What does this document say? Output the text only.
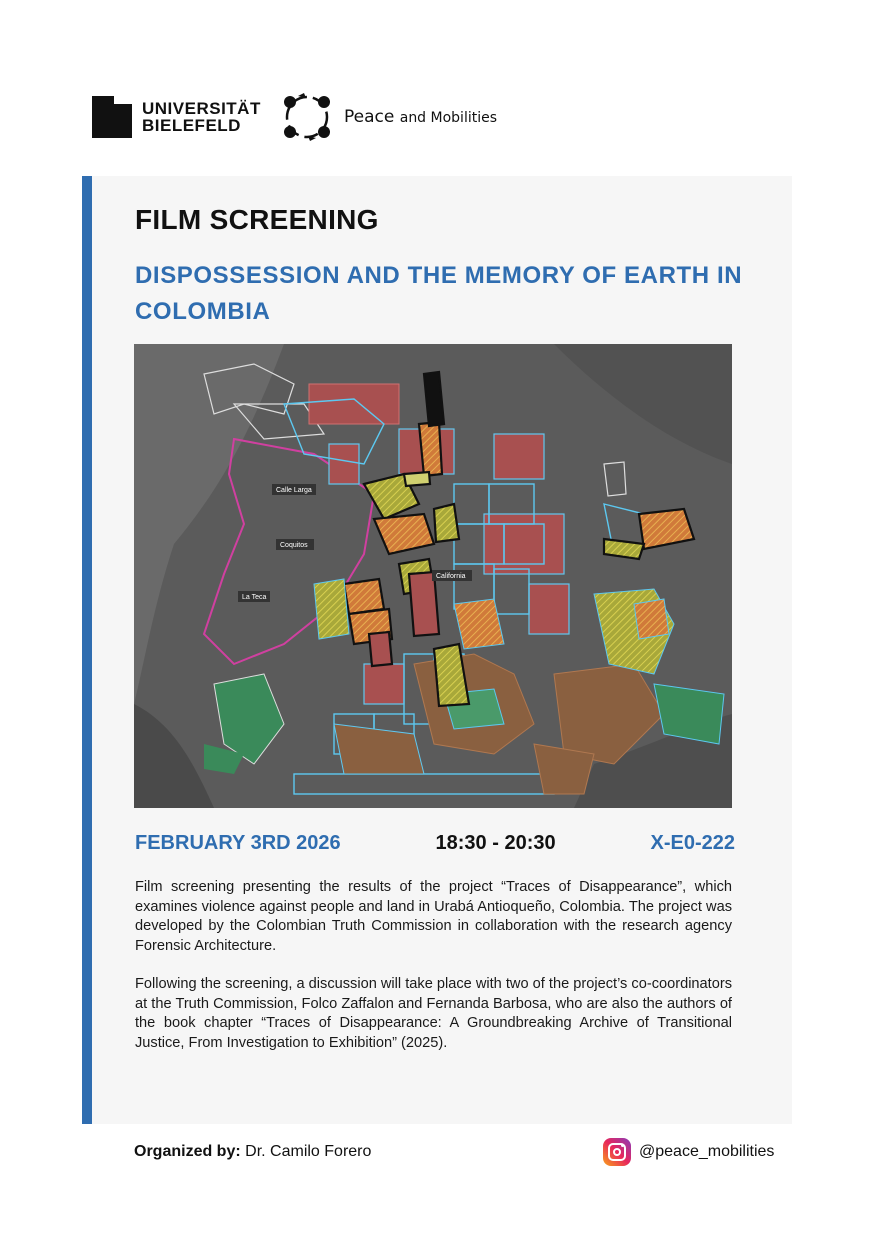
UNIVERSITÄT
BIELEFELD	Peace and Mobilities
FILM SCREENING
DISPOSSESSION AND THE MEMORY OF EARTH IN COLOMBIA
Calle Larga
Coquitos
La Teca
California
FEBRUARY 3RD 2026	18:30 - 20:30	X-E0-222

Film screening presenting the results of the project “Traces of Disappearance”, which examines violence against people and land in Urabá Antioqueño, Colombia. The project was developed by the Colombian Truth Commission in collaboration with the research agency Forensic Architecture.

Following the screening, a discussion will take place with two of the project’s co-coordinators at the Truth Commission, Folco Zaffalon and Fernanda Barbosa, who are also the authors of the book chapter “Traces of Disappearance: A Groundbreaking Archive of Transitional Justice, From Investigation to Exhibition” (2025).

Organized by: Dr. Camilo Forero	@peace_mobilities
